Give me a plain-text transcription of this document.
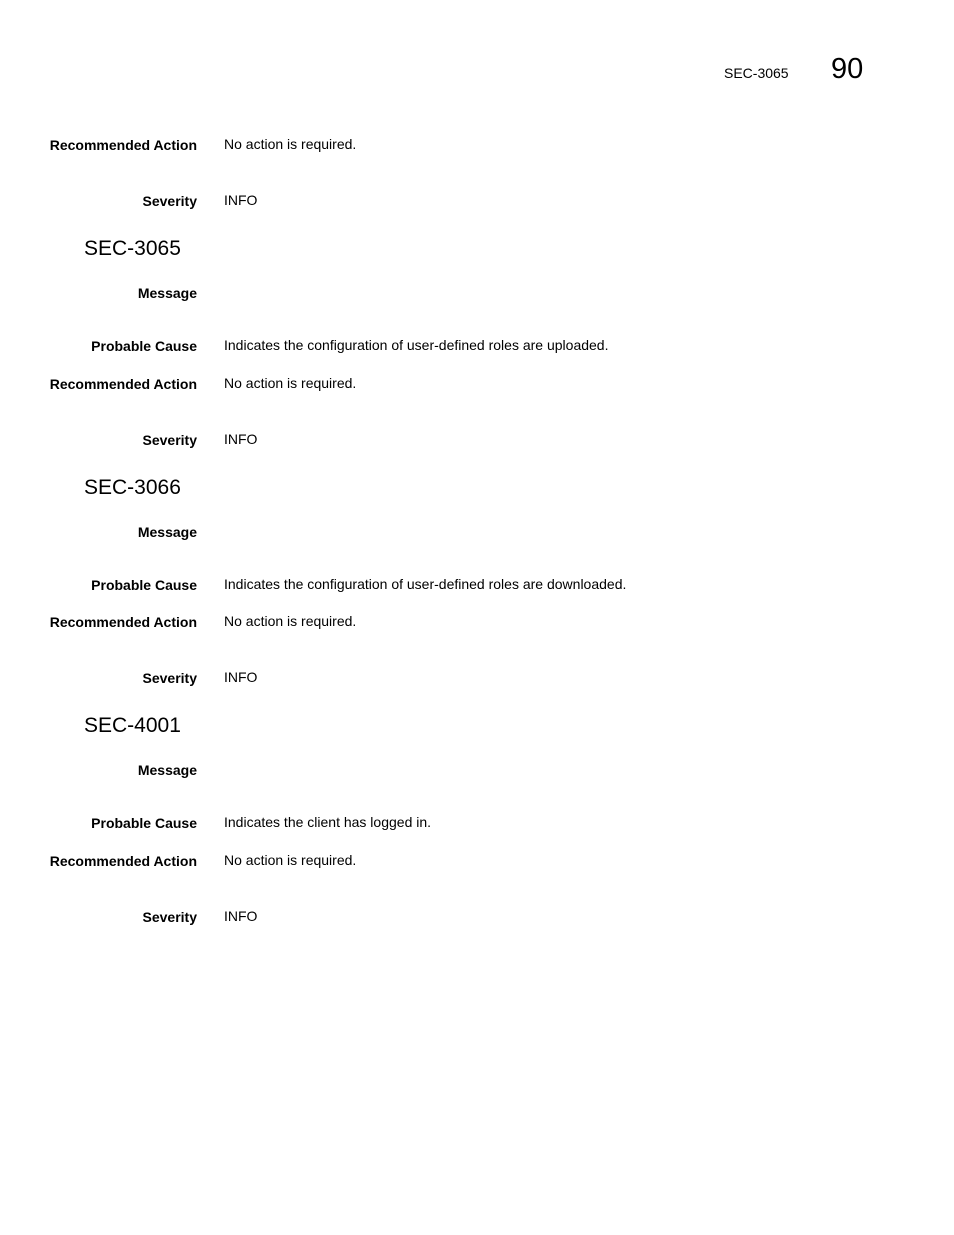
SEC-3065 90
Recommended Action No action is required.
Severity INFO
SEC-3065
Message
Probable Cause Indicates the configuration of user-defined roles are uploaded.
Recommended Action No action is required.
Severity INFO
SEC-3066
Message
Probable Cause Indicates the configuration of user-defined roles are downloaded.
Recommended Action No action is required.
Severity INFO
SEC-4001
Message
Probable Cause Indicates the client has logged in.
Recommended Action No action is required.
Severity INFO
